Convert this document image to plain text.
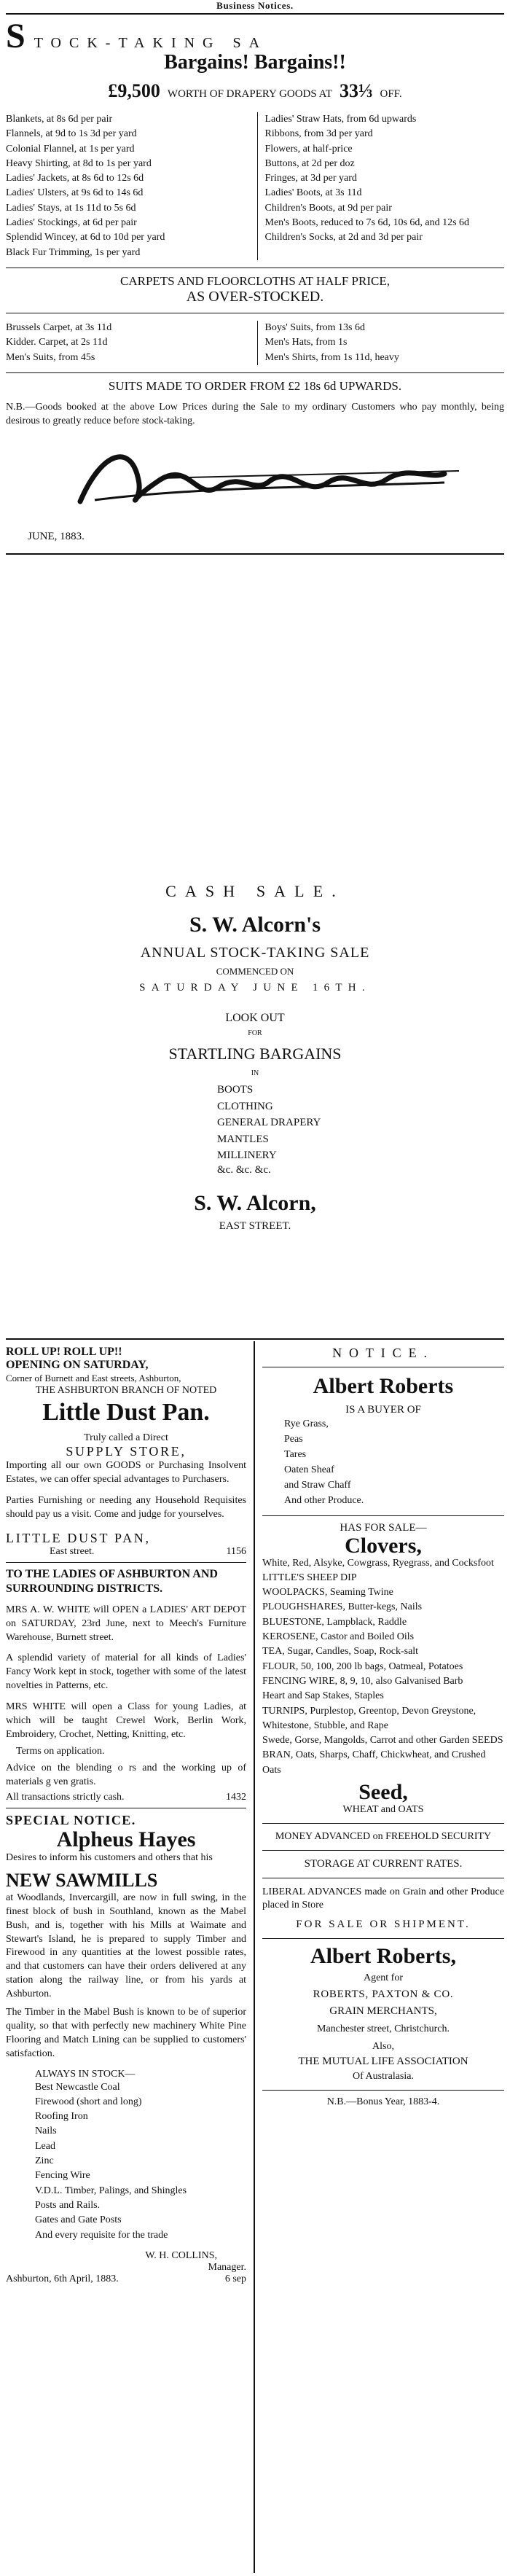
Business Notices.
S TOCK-TAKING SA
Bargains! Bargains!!
£9,500 WORTH OF DRAPERY GOODS AT 33⅓ OFF.
Blankets, at 8s 6d per pair
Flannels, at 9d to 1s 3d per yard
Colonial Flannel, at 1s per yard
Heavy Shirting, at 8d to 1s per yard
Ladies' Jackets, at 8s 6d to 12s 6d
Ladies' Ulsters, at 9s 6d to 14s 6d
Ladies' Stays, at 1s 11d to 5s 6d
Ladies' Stockings, at 6d per pair
Splendid Wincey, at 6d to 10d per yard
Black Fur Trimming, 1s per yard
Ladies' Straw Hats, from 6d upwards
Ribbons, from 3d per yard
Flowers, at half-price
Buttons, at 2d per doz
Fringes, at 3d per yard
Ladies' Boots, at 3s 11d
Children's Boots, at 9d per pair
Men's Boots, reduced to 7s 6d, 10s 6d, and 12s 6d
Children's Socks, at 2d and 3d per pair
CARPETS AND FLOORCLOTHS AT HALF PRICE,
AS OVER-STOCKED.
Brussels Carpet, at 3s 11d
Kidder. Carpet, at 2s 11d
Men's Suits, from 45s
Boys' Suits, from 13s 6d
Men's Hats, from 1s
Men's Shirts, from 1s 11d, heavy
SUITS MADE TO ORDER FROM £2 18s 6d UPWARDS.
N.B.—Goods booked at the above Low Prices during the Sale to my ordinary Customers who pay monthly, being desirous to greatly reduce before stock-taking.
JUNE, 1883.
CASH SALE.
S. W. Alcorn's
ANNUAL STOCK-TAKING SALE
COMMENCED ON
SATURDAY JUNE 16TH.
LOOK OUT
FOR
STARTLING BARGAINS
IN
BOOTS
CLOTHING
GENERAL DRAPERY
MANTLES
MILLINERY
&c. &c. &c.
S. W. Alcorn,
EAST STREET.
ROLL UP! ROLL UP!!
OPENING ON SATURDAY,
Corner of Burnett and East streets, Ashburton,
THE ASHBURTON BRANCH OF NOTED
Little Dust Pan.
Truly called a Direct
SUPPLY STORE,
Importing all our own GOODS or Purchasing Insolvent Estates, we can offer special advantages to Purchasers.
Parties Furnishing or needing any Household Requisites should pay us a visit. Come and judge for yourselves.
LITTLE DUST PAN,
East street.	1156
TO THE LADIES OF ASHBURTON AND SURROUNDING DISTRICTS.
MRS A. W. WHITE will OPEN a LADIES' ART DEPOT on SATURDAY, 23rd June, next to Meech's Furniture Warehouse, Burnett street.
A splendid variety of material for all kinds of Ladies' Fancy Work kept in stock, together with some of the latest novelties in Patterns, etc.
MRS WHITE will open a Class for young Ladies, at which will be taught Crewel Work, Berlin Work, Embroidery, Crochet, Netting, Knitting, etc.
Terms on application.
Advice on the blending o rs and the working up of materials g ven gratis.
All transactions strictly cash.	1432
SPECIAL NOTICE.
Alpheus Hayes
Desires to inform his customers and others that his
NEW SAWMILLS
at Woodlands, Invercargill, are now in full swing, in the finest block of bush in Southland, known as the Mabel Bush, and is, together with his Mills at Waimate and Stewart's Island, he is prepared to supply Timber and Firewood in any quantities at the lowest possible rates, and that customers can have their orders delivered at any station along the railway line, or from his yards at Ashburton.
The Timber in the Mabel Bush is known to be of superior quality, so that with perfectly new machinery White Pine Flooring and Match Lining can be supplied to customers' satisfaction.
ALWAYS IN STOCK—
Best Newcastle Coal
Firewood (short and long)
Roofing Iron
Nails
Lead
Zinc
Fencing Wire
V.D.L. Timber, Palings, and Shingles
Posts and Rails.
Gates and Gate Posts
And every requisite for the trade
W. H. COLLINS,
Manager.
Ashburton, 6th April, 1883.	6 sep
NOTICE.
Albert Roberts
IS A BUYER OF
Rye Grass,
Peas
Tares
Oaten Sheaf
and Straw Chaff
And other Produce.
HAS FOR SALE—
Clovers,
White, Red, Alsyke, Cowgrass, Ryegrass, and Cocksfoot
LITTLE'S SHEEP DIP
WOOLPACKS, Seaming Twine
PLOUGHSHARES, Butter-kegs, Nails
BLUESTONE, Lampblack, Raddle
KEROSENE, Castor and Boiled Oils
TEA, Sugar, Candles, Soap, Rock-salt
FLOUR, 50, 100, 200 lb bags, Oatmeal, Potatoes
FENCING WIRE, 8, 9, 10, also Galvanised Barb
Heart and Sap Stakes, Staples
TURNIPS, Purplestop, Greentop, Devon Greystone, Whitestone, Stubble, and Rape
Swede, Gorse, Mangolds, Carrot and other Garden SEEDS
BRAN, Oats, Sharps, Chaff, Chickwheat, and Crushed Oats
Seed,
WHEAT and OATS
MONEY ADVANCED on FREEHOLD SECURITY
STORAGE AT CURRENT RATES.
LIBERAL ADVANCES made on Grain and other Produce placed in Store
FOR SALE OR SHIPMENT.
Albert Roberts,
Agent for
ROBERTS, PAXTON & CO.
GRAIN MERCHANTS,
Manchester street, Christchurch.
Also,
THE MUTUAL LIFE ASSOCIATION
Of Australasia.
N.B.—Bonus Year, 1883-4.
